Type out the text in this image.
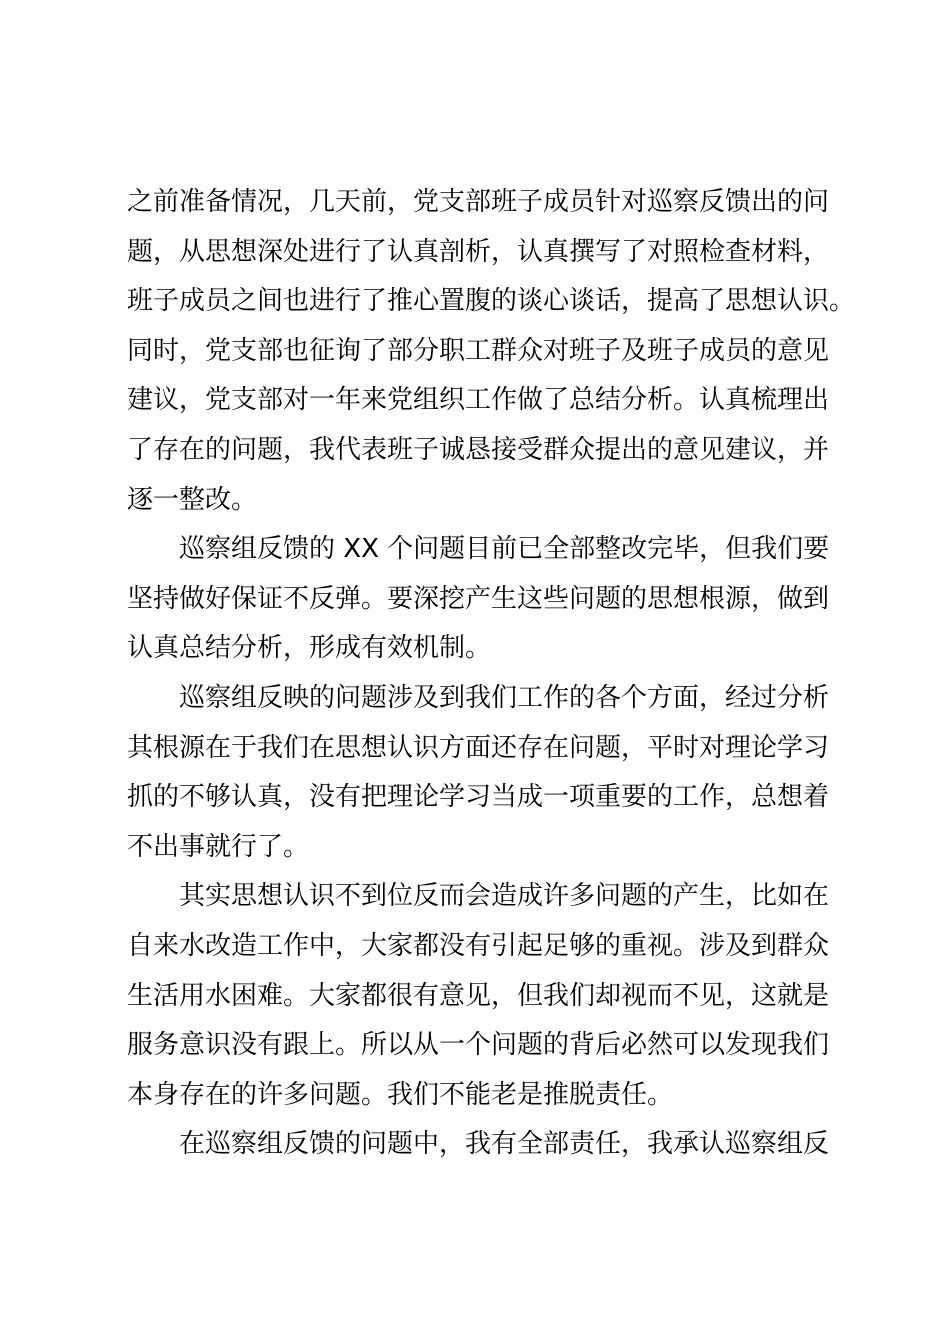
之前准备情况，几天前，党支部班子成员针对巡察反馈出的问
题，从思想深处进行了认真剖析，认真撰写了对照检查材料，
班子成员之间也进行了推心置腹的谈心谈话，提高了思想认识。
同时，党支部也征询了部分职工群众对班子及班子成员的意见
建议，党支部对一年来党组织工作做了总结分析。认真梳理出
了存在的问题，我代表班子诚恳接受群众提出的意见建议，并
逐一整改。
巡察组反馈的 XX 个问题目前已全部整改完毕，但我们要
坚持做好保证不反弹。要深挖产生这些问题的思想根源，做到
认真总结分析，形成有效机制。
巡察组反映的问题涉及到我们工作的各个方面，经过分析
其根源在于我们在思想认识方面还存在问题，平时对理论学习
抓的不够认真，没有把理论学习当成一项重要的工作，总想着
不出事就行了。
其实思想认识不到位反而会造成许多问题的产生，比如在
自来水改造工作中，大家都没有引起足够的重视。涉及到群众
生活用水困难。大家都很有意见，但我们却视而不见，这就是
服务意识没有跟上。所以从一个问题的背后必然可以发现我们
本身存在的许多问题。我们不能老是推脱责任。
在巡察组反馈的问题中，我有全部责任，我承认巡察组反
